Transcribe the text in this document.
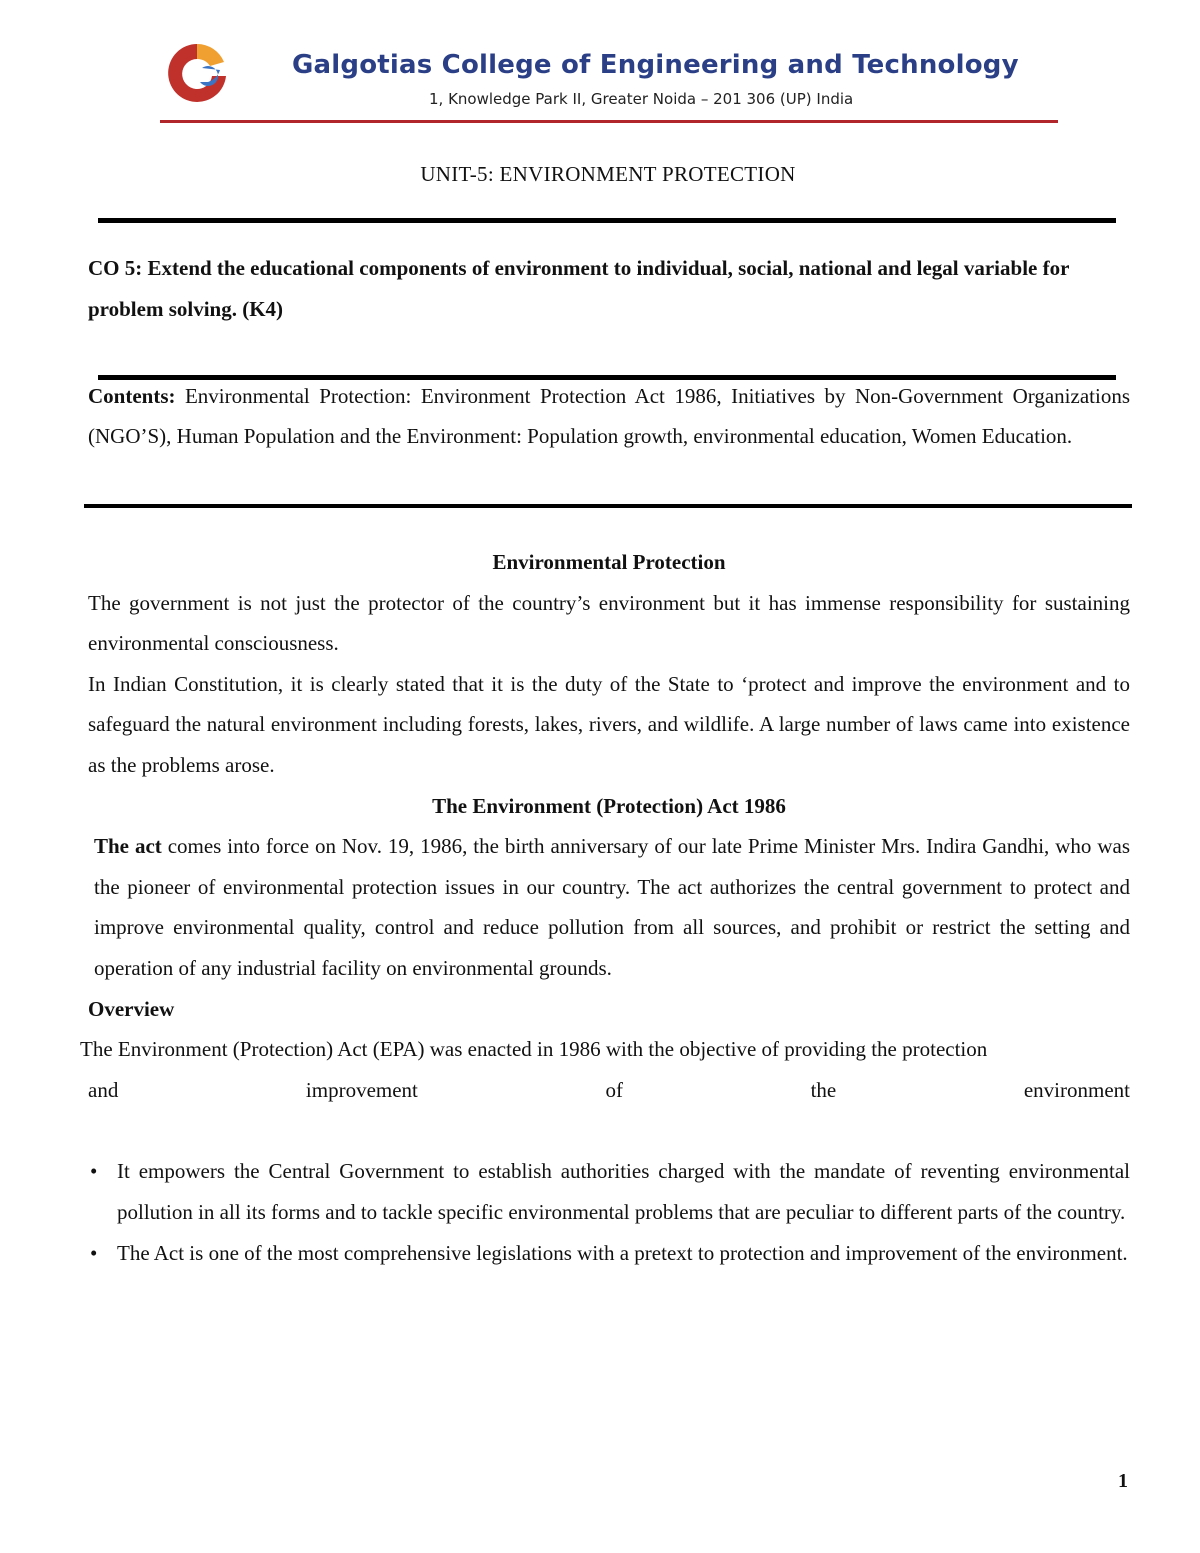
Galgotias College of Engineering and Technology
1, Knowledge Park II, Greater Noida – 201 306 (UP) India
UNIT-5: ENVIRONMENT PROTECTION
CO 5: Extend the educational components of environment to individual, social, national and legal variable for problem solving. (K4)
Contents: Environmental Protection: Environment Protection Act 1986, Initiatives by Non-Government Organizations (NGO’S), Human Population and the Environment: Population growth, environmental education, Women Education.

Environmental Protection

The government is not just the protector of the country’s environment but it has immense responsibility for sustaining environmental consciousness.

In Indian Constitution, it is clearly stated that it is the duty of the State to ‘protect and improve the environment and to safeguard the natural environment including forests, lakes, rivers, and wildlife. A large number of laws came into existence as the problems arose.

The Environment (Protection) Act 1986

The act comes into force on Nov. 19, 1986, the birth anniversary of our late Prime Minister Mrs. Indira Gandhi, who was the pioneer of environmental protection issues in our country. The act authorizes the central government to protect and improve environmental quality, control and reduce pollution from all sources, and prohibit or restrict the setting and operation of any industrial facility on environmental grounds.

Overview

The Environment (Protection) Act (EPA) was enacted in 1986 with the objective of providing the protection

and	improvement	of	the	environment

• It empowers the Central Government to establish authorities charged with the mandate of reventing environmental pollution in all its forms and to tackle specific environmental problems that are peculiar to different parts of the country.
• The Act is one of the most comprehensive legislations with a pretext to protection and improvement of the environment.
1
